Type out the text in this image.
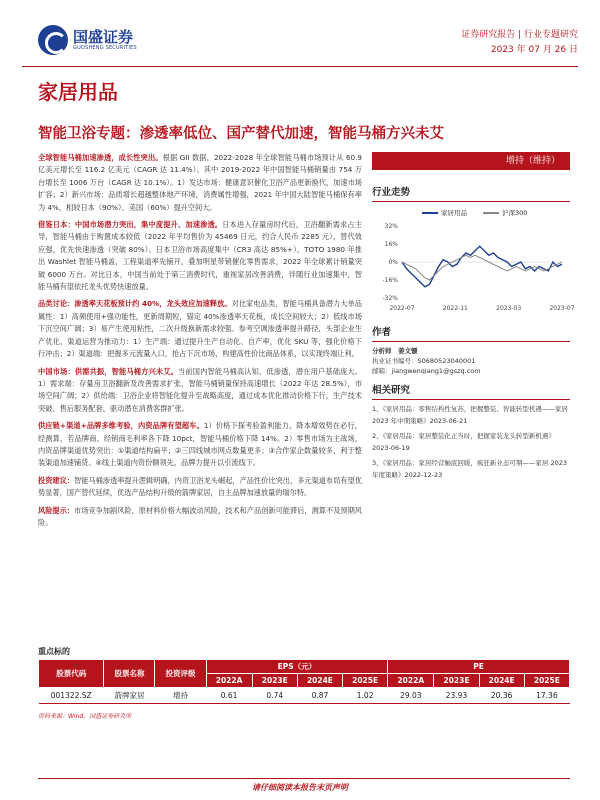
国盛证券
GUOSHENG SECURITIES
证券研究报告 | 行业专题研究
2023 年 07 月 26 日
家居用品
智能卫浴专题：渗透率低位、国产替代加速，智能马桶方兴未艾

全球智能马桶加速渗透，成长性突出。根据 GII 数据，2022-2028 年全球智能马桶市场预计从 60.9 亿美元增长至 116.2 亿美元（CAGR 达 11.4%）。其中 2019-2022 年中国智能马桶销量由 754 万台增长至 1006 万台（CAGR 达 10.1%）。1）发达市场：健康意识催化卫浴产品更新换代，加速市场扩容；2）新兴市场：品质增长超越整体地产环境，消费属性增强，2021 年中国大陆智能马桶保有率为 4%，相较日本（90%）、美国（60%）提升空间大。

借鉴日本：中国市场潜力突出，集中度提升、加速渗透。日本进入存量房时代后，卫浴翻新需求占主导，智能马桶由于购置成本较低（2022 年平均售价为 45469 日元，约合人民币 2285 元），替代效应强，优先快速渗透（突破 80%）。日本卫浴市场高度集中（CR3 高达 85%+），TOTO 1980 年推出 Washlet 智能马桶盖，工程渠道率先铺开，叠加明星带销催化零售需求，2022 年全球累计销量突破 6000 万台。对比日本，中国当前处于第三消费时代，重视家居改善消费，伴随行业加速集中，智能马桶有望依托龙头优势快速放量。

品类讨论：渗透率天花板预计约 40%，龙头效应加速释放。对比家电品类，智能马桶具备潜力大单品属性：1）高频使用+强功能性，更新周期短，锚定 40%渗透率天花板，成长空间较大；2）低线市场下沉空间广阔；3）易产生使用粘性，二次升级换新需求较强。参考空调渗透率提升路径，头部企业生产优化、渠道运营为推动力：1）生产端：通过提升生产自动化、自产率，优化 SKU 等，强化价格下行冲击；2）渠道端：把握多元流量入口，抢占下沉市场，构建高性价比商品体系，以实现终端让利。

中国市场：供需共振，智能马桶方兴未艾。当前国内智能马桶高认知、低渗透，潜在用户基础庞大。1）需求端：存量房卫浴翻新及改善需求扩张，智能马桶销量保持高速增长（2022 年达 28.5%），市场空间广阔；2）供给端：卫浴企业将智能化提升至战略高度，通过成本优化推动价格下行，生产技术突破、售后服务配套，驱动潜在消费客群扩张。

供应链+渠道+品牌多维考验，内资品牌有望超车。1）价格下探考验盈利能力，降本增效势在必行，经测算，若品牌商、经销商毛利率各下降 10pct，智能马桶价格下降 14%。2）零售市场为主战场，内资品牌渠道优势突出：①渠道结构扁平；②三四线城市网点数量更多；③合作家企数量较多，利于整装渠道加速铺货。④线上渠道内资份额领先，品牌力提升以引流线下。

投资建议：智能马桶渗透率提升逻辑明确，内资卫浴龙头崛起，产品性价比突出，多元渠道布局有望优势显著，国产替代延续，优选产品结构升级的箭牌家居，自主品牌加速放量的瑞尔特。

风险提示：市场竞争加剧风险，原材料价格大幅波动风险，技术和产品创新可能滞后，测算不及预期风险。

增持（维持）
行业走势
家居用品	沪深300
32%
16%
0%
-16%
-32%
2022-07	2022-11	2023-03	2023-07
作者
分析师　姜文镖
执业证书编号：S0680523040001
邮箱：jiangwenqiang1@gszq.com
相关研究
1、《家居用品：零售结构性复苏，把握整装、智能转型机遇——家居 2023 年中期策略》2023-06-21
2、《家居用品：家居整装化正当时，把握家装龙头转型新机遇》2023-06-19
3、《家居用品：家居经营触底回暖，疯狂新业态可期——家居 2023 年度策略》2022-12-23
重点标的
股票代码	股票名称	投资评级	EPS（元）				PE			
			2022A	2023E	2024E	2025E	2022A	2023E	2024E	2025E
001322.SZ	箭牌家居	增持	0.61	0.74	0.87	1.02	29.03	23.93	20.36	17.36
资料来源：Wind，国盛证券研究所
请仔细阅读本报告末页声明
